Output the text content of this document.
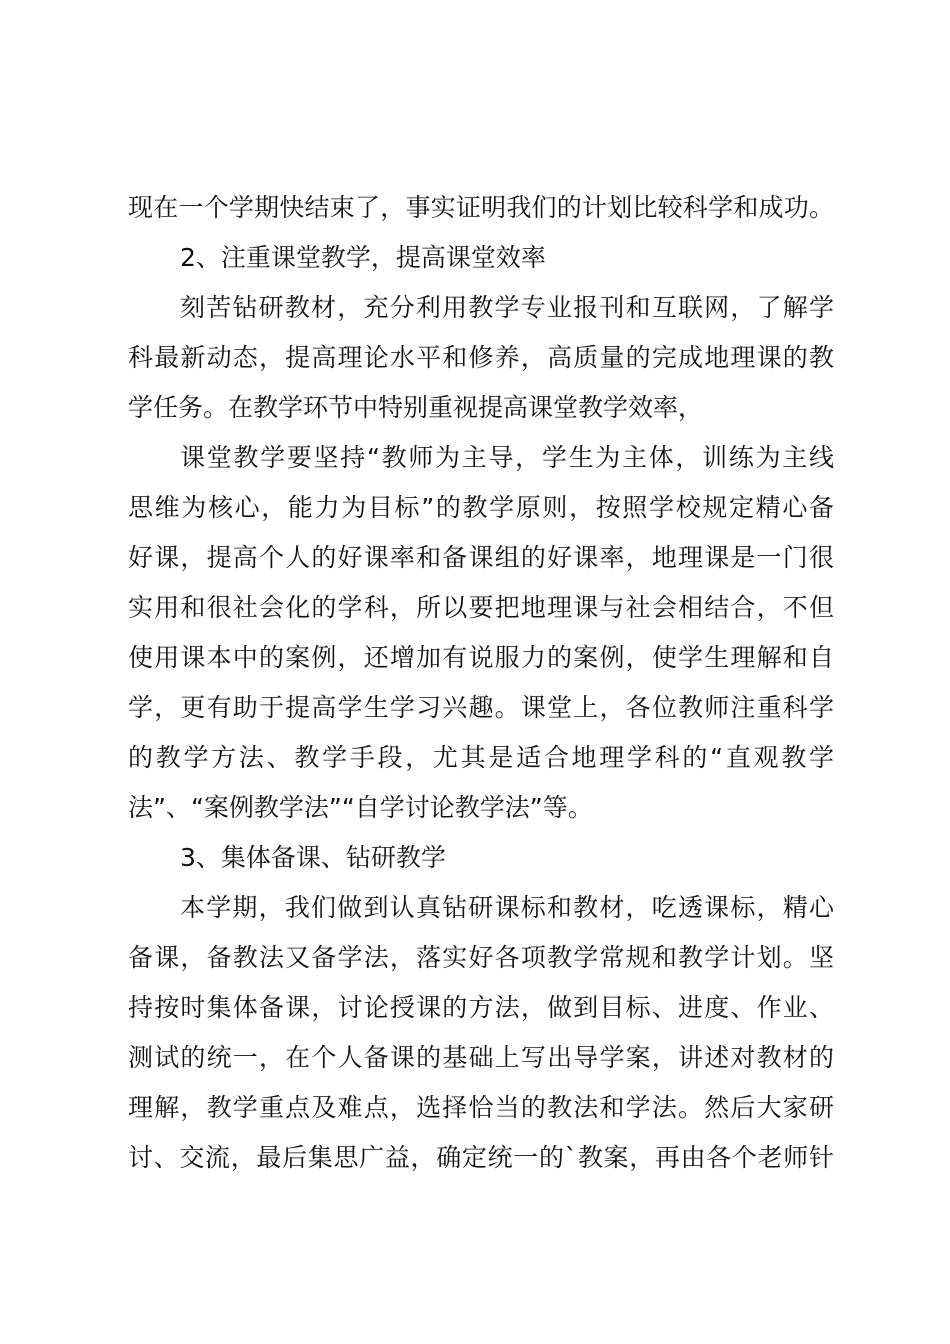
现在一个学期快结束了，事实证明我们的计划比较科学和成功。
2、注重课堂教学，提高课堂效率
刻苦钻研教材，充分利用教学专业报刊和互联网，了解学
科最新动态，提高理论水平和修养，高质量的完成地理课的教
学任务。在教学环节中特别重视提高课堂教学效率，
课堂教学要坚持“教师为主导，学生为主体，训练为主线
思维为核心，能力为目标”的教学原则，按照学校规定精心备
好课，提高个人的好课率和备课组的好课率，地理课是一门很
实用和很社会化的学科，所以要把地理课与社会相结合，不但
使用课本中的案例，还增加有说服力的案例，使学生理解和自
学，更有助于提高学生学习兴趣。课堂上，各位教师注重科学
的教学方法、教学手段，尤其是适合地理学科的“直观教学
法”、“案例教学法”“自学讨论教学法”等。
3、集体备课、钻研教学
本学期，我们做到认真钻研课标和教材，吃透课标，精心
备课，备教法又备学法，落实好各项教学常规和教学计划。坚
持按时集体备课，讨论授课的方法，做到目标、进度、作业、
测试的统一，在个人备课的基础上写出导学案，讲述对教材的
理解，教学重点及难点，选择恰当的教法和学法。然后大家研
讨、交流，最后集思广益，确定统一的`教案，再由各个老师针
